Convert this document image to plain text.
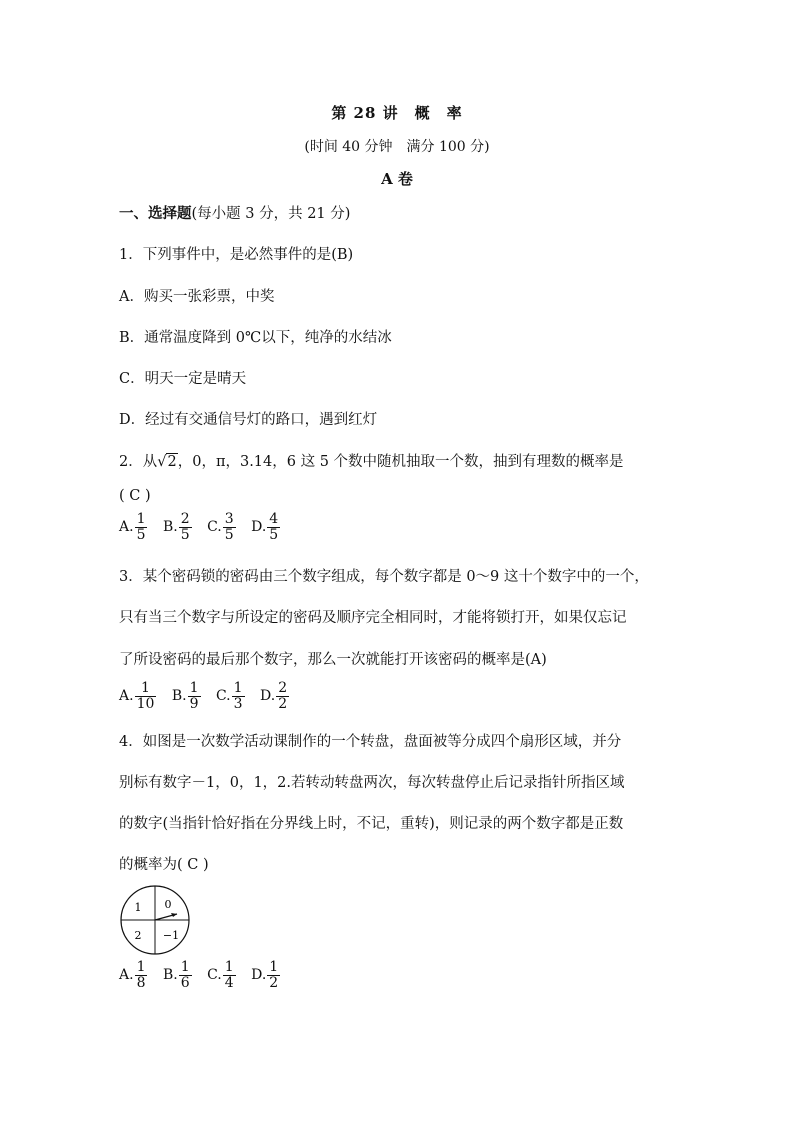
第 28 讲　概　率
(时间 40 分钟　满分 100 分)
A 卷
一、选择题(每小题 3 分，共 21 分)
1．下列事件中，是必然事件的是(B)
A．购买一张彩票，中奖
B．通常温度降到 0℃以下，纯净的水结冰
C．明天一定是晴天
D．经过有交通信号灯的路口，遇到红灯
2．从√2，0，π，3.14，6 这 5 个数中随机抽取一个数，抽到有理数的概率是
( C )
A. $\frac{1}{5} B$. $\frac{2}{5} C$. $\frac{3}{5} D$. $\frac{4}{5}$
3．某个密码锁的密码由三个数字组成，每个数字都是 0～9 这十个数字中的一个，
只有当三个数字与所设定的密码及顺序完全相同时，才能将锁打开，如果仅忘记
了所设密码的最后那个数字，那么一次就能打开该密码的概率是(A)
A. $\frac{1}{10} B$. $\frac{1}{9} C$. $\frac{1}{3} D$. $\frac{2}{2}$
4．如图是一次数学活动课制作的一个转盘，盘面被等分成四个扇形区域，并分
别标有数字－1，0，1，2.若转动转盘两次，每次转盘停止后记录指针所指区域
的数字(当指针恰好指在分界线上时，不记，重转)，则记录的两个数字都是正数
的概率为( C )
1 0
2 −1
A. $\frac{1}{8} B$. $\frac{1}{6} C$. $\frac{1}{4} D$. $\frac{1}{2}$
